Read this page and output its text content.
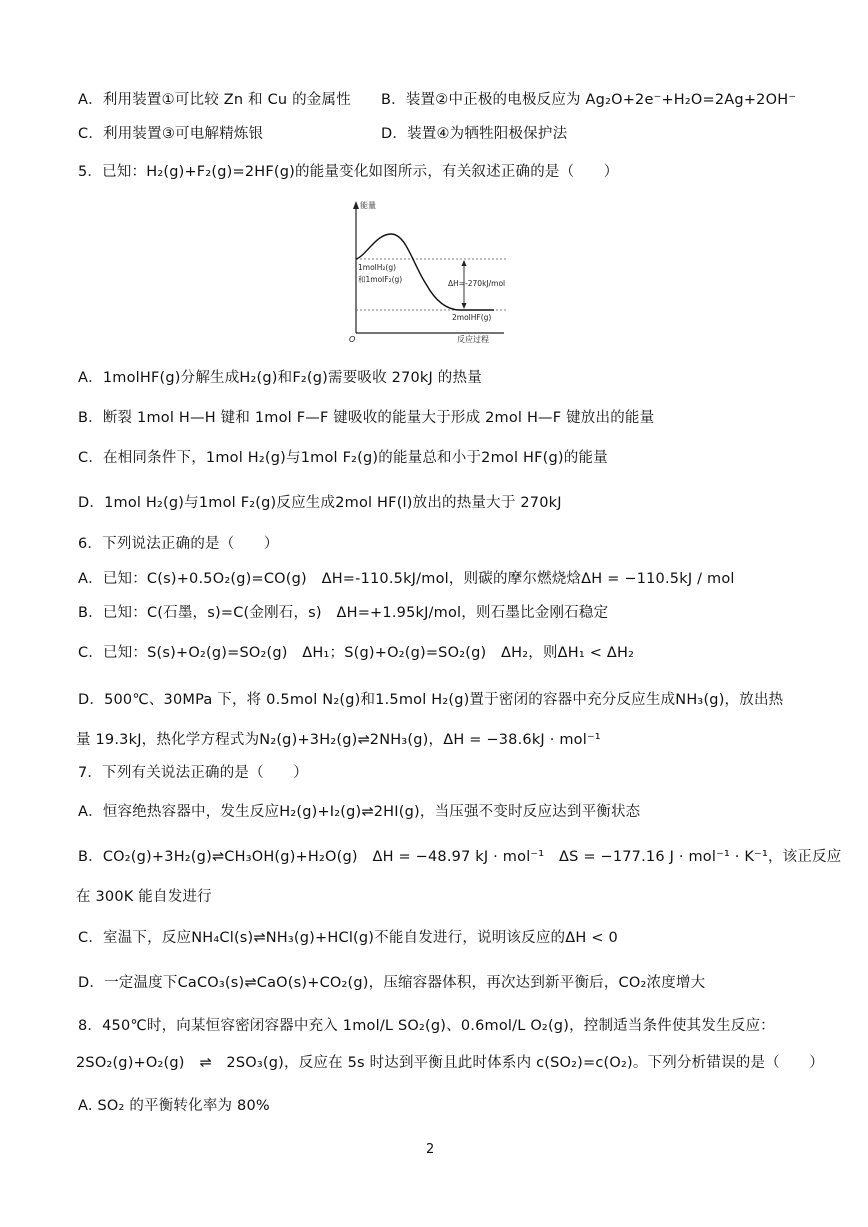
A．利用装置①可比较 Zn 和 Cu 的金属性 B．装置②中正极的电极反应为 Ag₂O+2e⁻+H₂O=2Ag+2OH⁻
C．利用装置③可电解精炼银	D．装置④为牺牲阳极保护法
5．已知：H₂(g)+F₂(g)=2HF(g)的能量变化如图所示，有关叙述正确的是（　　）
能量
1molH₂(g)
和1molF₂(g)	ΔH=-270kJ/mol
2molHF(g)
O	反应过程
A．1molHF(g)分解生成H₂(g)和F₂(g)需要吸收 270kJ 的热量
B．断裂 1mol H—H 键和 1mol F—F 键吸收的能量大于形成 2mol H—F 键放出的能量
C．在相同条件下，1mol H₂(g)与1mol F₂(g)的能量总和小于2mol HF(g)的能量
D．1mol H₂(g)与1mol F₂(g)反应生成2mol HF(l)放出的热量大于 270kJ
6．下列说法正确的是（　　）
A．已知：C(s)+0.5O₂(g)=CO(g)　ΔH=-110.5kJ/mol，则碳的摩尔燃烧焓ΔH = −110.5kJ / mol
B．已知：C(石墨，s)=C(金刚石，s)　ΔH=+1.95kJ/mol，则石墨比金刚石稳定
C．已知：S(s)+O₂(g)=SO₂(g)　ΔH₁；S(g)+O₂(g)=SO₂(g)　ΔH₂，则ΔH₁ < ΔH₂
D．500℃、30MPa 下，将 0.5mol N₂(g)和1.5mol H₂(g)置于密闭的容器中充分反应生成NH₃(g)，放出热
量 19.3kJ，热化学方程式为N₂(g)+3H₂(g)⇌2NH₃(g)，ΔH = −38.6kJ · mol⁻¹
7．下列有关说法正确的是（　　）
A．恒容绝热容器中，发生反应H₂(g)+I₂(g)⇌2HI(g)，当压强不变时反应达到平衡状态
B．CO₂(g)+3H₂(g)⇌CH₃OH(g)+H₂O(g)　ΔH = −48.97 kJ · mol⁻¹　ΔS = −177.16 J · mol⁻¹ · K⁻¹，该正反应
在 300K 能自发进行
C．室温下，反应NH₄Cl(s)⇌NH₃(g)+HCl(g)不能自发进行，说明该反应的ΔH < 0
D．一定温度下CaCO₃(s)⇌CaO(s)+CO₂(g)，压缩容器体积，再次达到新平衡后，CO₂浓度增大
8．450℃时，向某恒容密闭容器中充入 1mol/L SO₂(g)、0.6mol/L O₂(g)，控制适当条件使其发生反应：
2SO₂(g)+O₂(g)　⇌　2SO₃(g)，反应在 5s 时达到平衡且此时体系内 c(SO₂)=c(O₂)。下列分析错误的是（　　）
A. SO₂ 的平衡转化率为 80%
2
